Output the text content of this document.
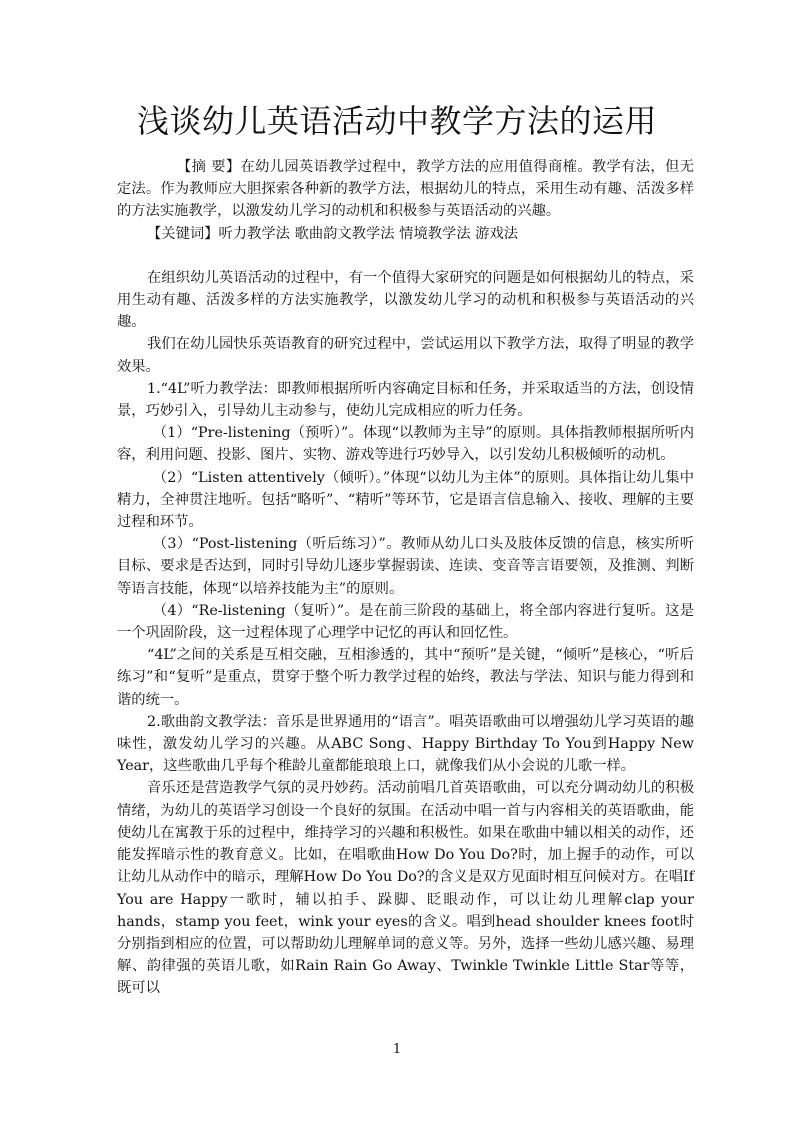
浅谈幼儿英语活动中教学方法的运用

【摘 要】在幼儿园英语教学过程中，教学方法的应用值得商榷。教学有法，但无定法。作为教师应大胆探索各种新的教学方法，根据幼儿的特点，采用生动有趣、活泼多样的方法实施教学，以激发幼儿学习的动机和积极参与英语活动的兴趣。

【关键词】听力教学法 歌曲韵文教学法 情境教学法 游戏法

在组织幼儿英语活动的过程中，有一个值得大家研究的问题是如何根据幼儿的特点，采用生动有趣、活泼多样的方法实施教学，以激发幼儿学习的动机和积极参与英语活动的兴趣。

我们在幼儿园快乐英语教育的研究过程中，尝试运用以下教学方法，取得了明显的教学效果。

1.“4L”听力教学法：即教师根据所听内容确定目标和任务，并采取适当的方法，创设情景，巧妙引入，引导幼儿主动参与，使幼儿完成相应的听力任务。

（1）“Pre-listening（预听）”。体现“以教师为主导”的原则。具体指教师根据所听内容，利用问题、投影、图片、实物、游戏等进行巧妙导入，以引发幼儿积极倾听的动机。

（2）“Listen attentively（倾听）。”体现“以幼儿为主体”的原则。具体指让幼儿集中精力，全神贯注地听。包括“略听”、“精听”等环节，它是语言信息输入、接收、理解的主要过程和环节。

（3）“Post-listening（听后练习）”。教师从幼儿口头及肢体反馈的信息，核实所听目标、要求是否达到，同时引导幼儿逐步掌握弱读、连读、变音等言语要领，及推测、判断等语言技能，体现“以培养技能为主”的原则。

（4）“Re-listening（复听）”。是在前三阶段的基础上，将全部内容进行复听。这是一个巩固阶段，这一过程体现了心理学中记忆的再认和回忆性。

“4L”之间的关系是互相交融，互相渗透的，其中“预听”是关键，“倾听”是核心，“听后练习”和“复听”是重点，贯穿于整个听力教学过程的始终，教法与学法、知识与能力得到和谐的统一。

2.歌曲韵文教学法：音乐是世界通用的“语言”。唱英语歌曲可以增强幼儿学习英语的趣味性，激发幼儿学习的兴趣。从ABC Song、Happy Birthday To You到Happy New Year，这些歌曲几乎每个稚龄儿童都能琅琅上口，就像我们从小会说的儿歌一样。

音乐还是营造教学气氛的灵丹妙药。活动前唱几首英语歌曲，可以充分调动幼儿的积极情绪，为幼儿的英语学习创设一个良好的氛围。在活动中唱一首与内容相关的英语歌曲，能使幼儿在寓教于乐的过程中，维持学习的兴趣和积极性。如果在歌曲中辅以相关的动作，还能发挥暗示性的教育意义。比如，在唱歌曲How Do You Do?时，加上握手的动作，可以让幼儿从动作中的暗示，理解How Do You Do?的含义是双方见面时相互问候对方。在唱If You are Happy一歌时，辅以拍手、跺脚、眨眼动作，可以让幼儿理解clap your hands，stamp you feet，wink your eyes的含义。唱到head shoulder knees foot时分别指到相应的位置，可以帮助幼儿理解单词的意义等。另外，选择一些幼儿感兴趣、易理解、韵律强的英语儿歌，如Rain Rain Go Away、Twinkle Twinkle Little Star等等，既可以

1
